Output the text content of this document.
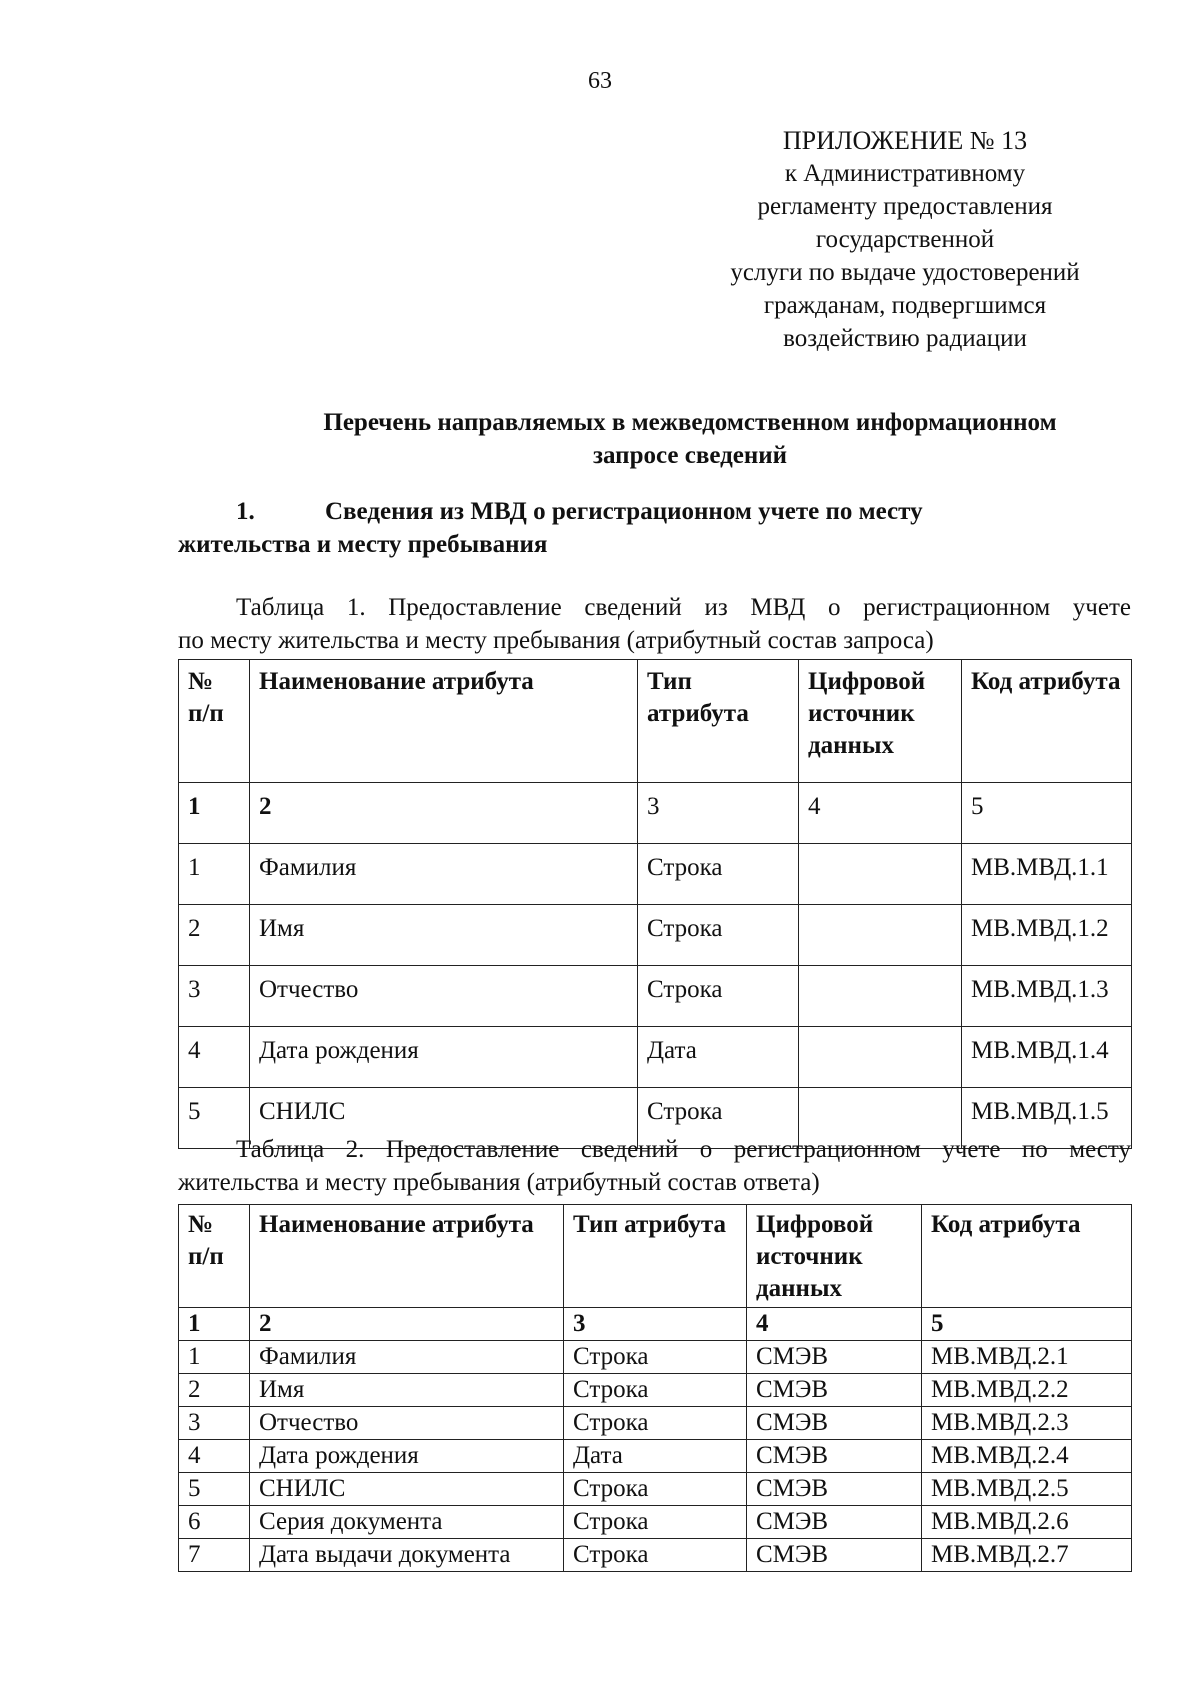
63
ПРИЛОЖЕНИЕ № 13
к Административному
регламенту предоставления
государственной
услуги по выдаче удостоверений
гражданам, подвергшимся
воздействию радиации
Перечень направляемых в межведомственном информационном
запросе сведений
1.	Сведения из МВД о регистрационном учете по месту
жительства и месту пребывания
Таблица 1. Предоставление сведений из МВД о регистрационном учете
по месту жительства и месту пребывания (атрибутный состав запроса)
№ п/п	Наименование атрибута	Тип атрибута	Цифровой источник данных	Код атрибута
1	2	3	4	5
1	Фамилия	Строка		МВ.МВД.1.1
2	Имя	Строка		МВ.МВД.1.2
3	Отчество	Строка		МВ.МВД.1.3
4	Дата рождения	Дата		МВ.МВД.1.4
5	СНИЛС	Строка		МВ.МВД.1.5
Таблица 2. Предоставление сведений о регистрационном учете по месту
жительства и месту пребывания (атрибутный состав ответа)
№ п/п	Наименование атрибута	Тип атрибута	Цифровой источник данных	Код атрибута
1	2	3	4	5
1	Фамилия	Строка	СМЭВ	МВ.МВД.2.1
2	Имя	Строка	СМЭВ	МВ.МВД.2.2
3	Отчество	Строка	СМЭВ	МВ.МВД.2.3
4	Дата рождения	Дата	СМЭВ	МВ.МВД.2.4
5	СНИЛС	Строка	СМЭВ	МВ.МВД.2.5
6	Серия документа	Строка	СМЭВ	МВ.МВД.2.6
7	Дата выдачи документа	Строка	СМЭВ	МВ.МВД.2.7
